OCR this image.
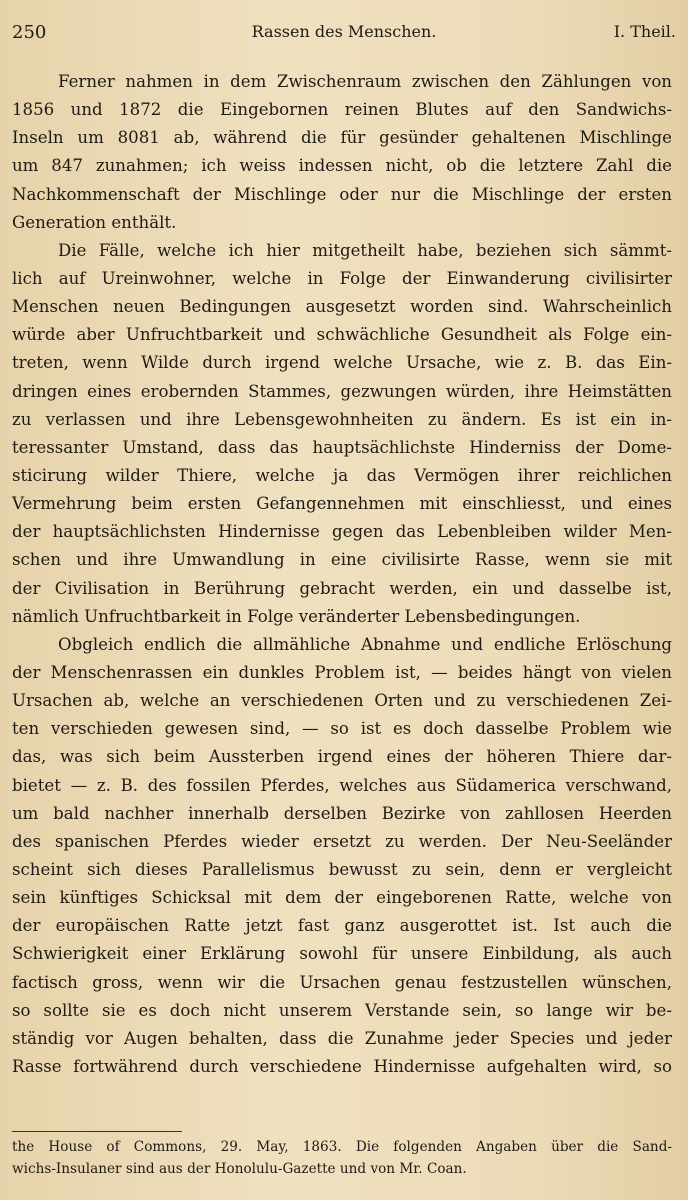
250	Rassen des Menschen.	I. Theil.
Ferner nahmen in dem Zwischenraum zwischen den Zählungen von
1856 und 1872 die Eingebornen reinen Blutes auf den Sandwichs-
Inseln um 8081 ab, während die für gesünder gehaltenen Mischlinge
um 847 zunahmen; ich weiss indessen nicht, ob die letztere Zahl die
Nachkommenschaft der Mischlinge oder nur die Mischlinge der ersten
Generation enthält.
Die Fälle, welche ich hier mitgetheilt habe, beziehen sich sämmt-
lich auf Ureinwohner, welche in Folge der Einwanderung civilisirter
Menschen neuen Bedingungen ausgesetzt worden sind. Wahrscheinlich
würde aber Unfruchtbarkeit und schwächliche Gesundheit als Folge ein-
treten, wenn Wilde durch irgend welche Ursache, wie z. B. das Ein-
dringen eines erobernden Stammes, gezwungen würden, ihre Heimstätten
zu verlassen und ihre Lebensgewohnheiten zu ändern. Es ist ein in-
teressanter Umstand, dass das hauptsächlichste Hinderniss der Dome-
sticirung wilder Thiere, welche ja das Vermögen ihrer reichlichen
Vermehrung beim ersten Gefangennehmen mit einschliesst, und eines
der hauptsächlichsten Hindernisse gegen das Lebenbleiben wilder Men-
schen und ihre Umwandlung in eine civilisirte Rasse, wenn sie mit
der Civilisation in Berührung gebracht werden, ein und dasselbe ist,
nämlich Unfruchtbarkeit in Folge veränderter Lebensbedingungen.
Obgleich endlich die allmähliche Abnahme und endliche Erlöschung
der Menschenrassen ein dunkles Problem ist, — beides hängt von vielen
Ursachen ab, welche an verschiedenen Orten und zu verschiedenen Zei-
ten verschieden gewesen sind, — so ist es doch dasselbe Problem wie
das, was sich beim Aussterben irgend eines der höheren Thiere dar-
bietet — z. B. des fossilen Pferdes, welches aus Südamerica verschwand,
um bald nachher innerhalb derselben Bezirke von zahllosen Heerden
des spanischen Pferdes wieder ersetzt zu werden. Der Neu-Seeländer
scheint sich dieses Parallelismus bewusst zu sein, denn er vergleicht
sein künftiges Schicksal mit dem der eingeborenen Ratte, welche von
der europäischen Ratte jetzt fast ganz ausgerottet ist. Ist auch die
Schwierigkeit einer Erklärung sowohl für unsere Einbildung, als auch
factisch gross, wenn wir die Ursachen genau festzustellen wünschen,
so sollte sie es doch nicht unserem Verstande sein, so lange wir be-
ständig vor Augen behalten, dass die Zunahme jeder Species und jeder
Rasse fortwährend durch verschiedene Hindernisse aufgehalten wird, so
the House of Commons, 29. May, 1863. Die folgenden Angaben über die Sand-
wichs-Insulaner sind aus der Honolulu-Gazette und von Mr. Coan.
